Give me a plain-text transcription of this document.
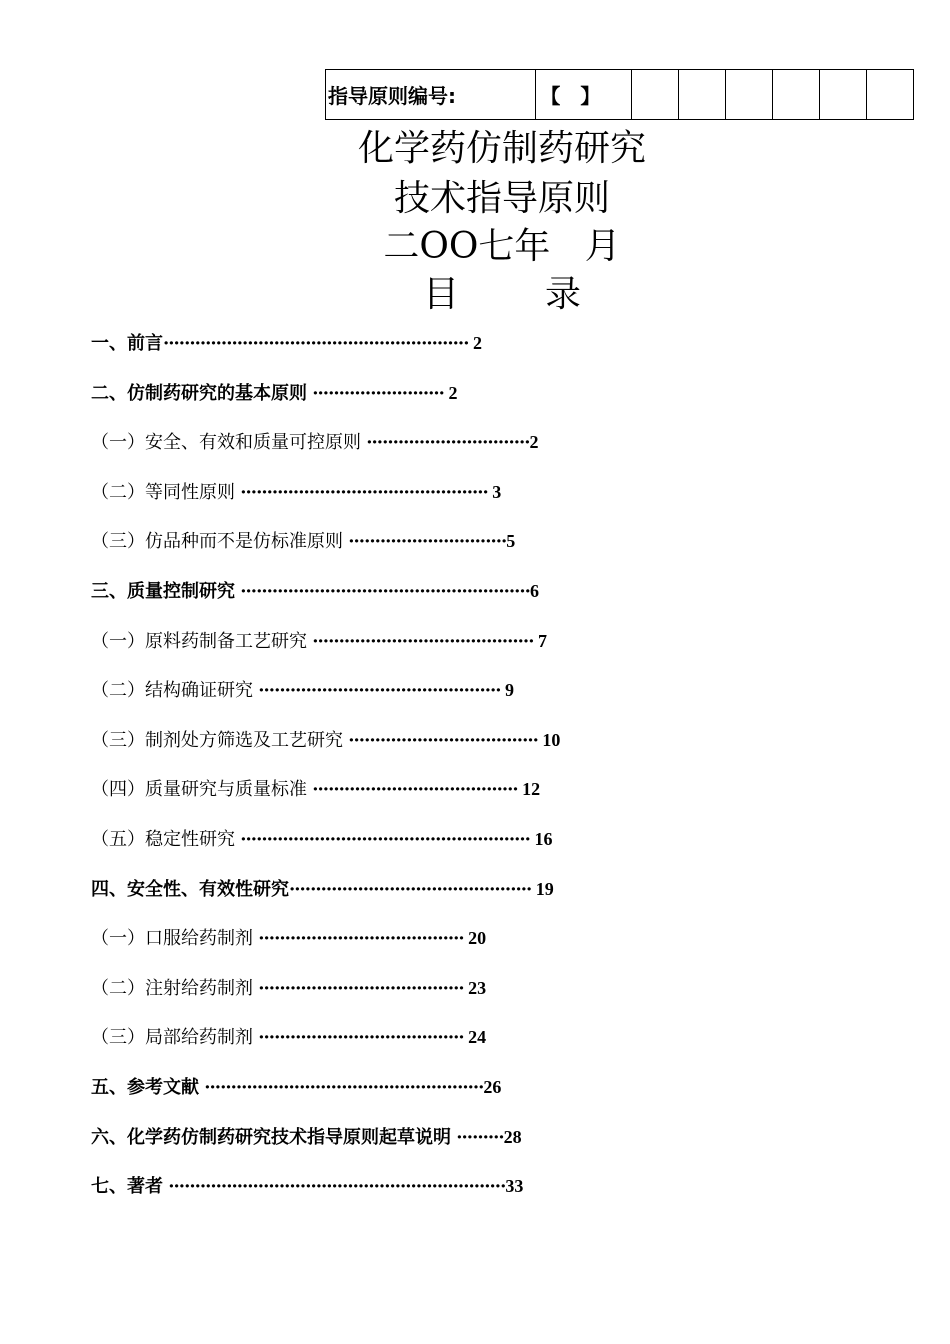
指导原则编号:	【 】						
化学药仿制药研究
技术指导原则
二OO七年   月
目 录
一、前言·························································· 2
二、仿制药研究的基本原则 ························· 2
（一）安全、有效和质量可控原则 ·······························2
（二）等同性原则 ··············································· 3
（三）仿品种而不是仿标准原则 ······························5
三、质量控制研究 ·······················································6
（一）原料药制备工艺研究 ·········································· 7
（二）结构确证研究 ·············································· 9
（三）制剂处方筛选及工艺研究 ···································· 10
（四）质量研究与质量标准 ······································· 12
（五）稳定性研究 ······················································· 16
四、安全性、有效性研究·············································· 19
（一）口服给药制剂 ······································· 20
（二）注射给药制剂 ······································· 23
（三）局部给药制剂 ······································· 24
五、参考文献 ·····················································26
六、化学药仿制药研究技术指导原则起草说明 ·········28
七、著者 ································································33
